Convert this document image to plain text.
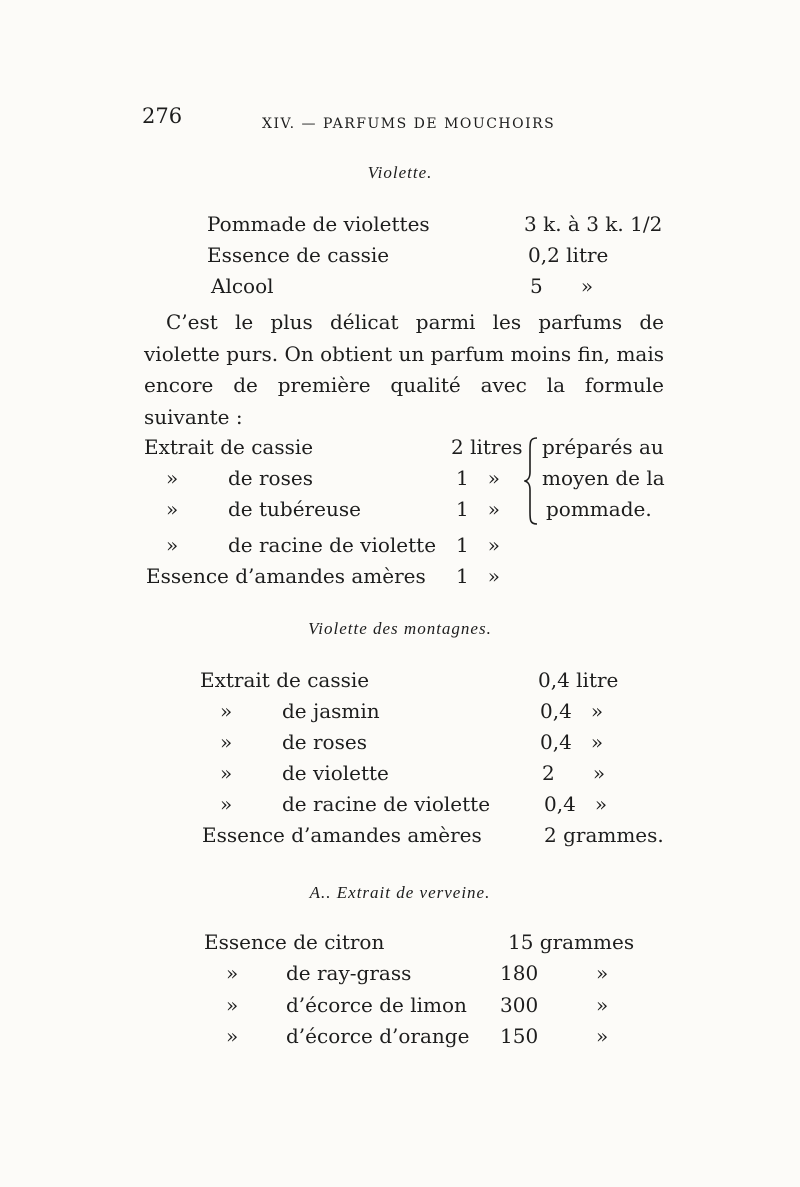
276	XIV. — PARFUMS DE MOUCHOIRS
Violette.
Pommade de violettes	3 k. à 3 k. 1/2
Essence de cassie	0,2 litre
Alcool	5      »

C’est le plus délicat parmi les parfums de violette purs. On obtient un parfum moins fin, mais encore de première qualité avec la formule suivante :

Extrait de cassie	2 litres
» de roses	1   »
» de tubéreuse	1   »
» de racine de violette 1   »
Essence d’amandes amères 1   »
préparés au
moyen de la
pommade.
Violette des montagnes.
Extrait de cassie	0,4 litre
» de jasmin	0,4   »
» de roses	0,4   »
» de violette	2      »
» de racine de violette	0,4   »
Essence d’amandes amères	2 grammes.
A.. Extrait de verveine.
Essence de citron	15 grammes
» de ray-grass	180	»
» d’écorce de limon 300	»
» d’écorce d’orange 150	»
